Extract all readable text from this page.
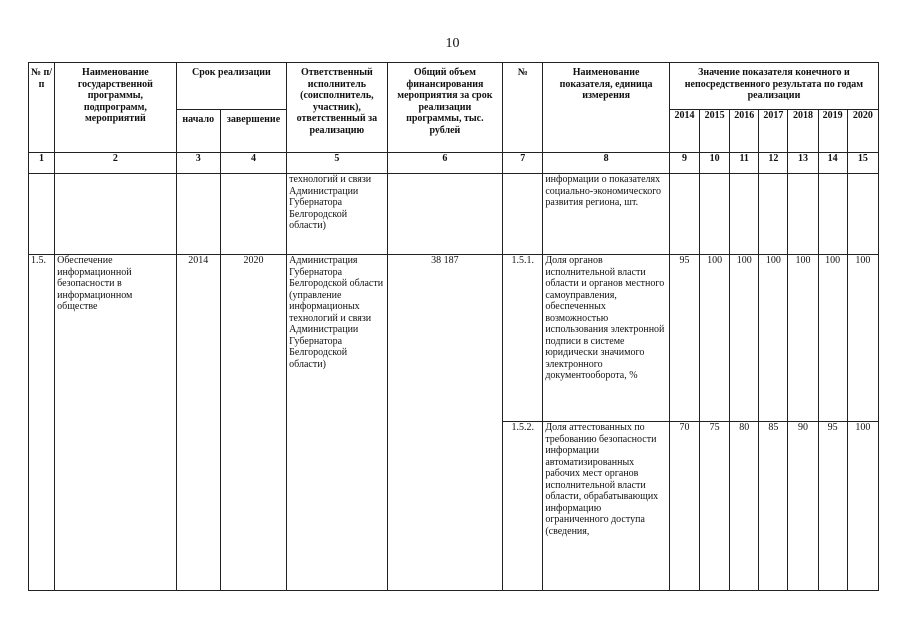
10
№ п/п	Наименование государственной программы, подпрограмм, мероприятий	Срок реализации		Ответственный исполнитель (соисполнитель, участник), ответственный за реализацию	Общий объем финансирования мероприятия за срок реализации программы, тыс. рублей	№	Наименование показателя, единица измерения	Значение показателя конечного и непосредственного результата по годам реализации						
		начало	завершение					2014	2015	2016	2017	2018	2019	2020
1	2	3	4	5	6	7	8	9	10	11	12	13	14	15
				технологий и связи Администрации Губернатора Белгородской области)			информации о показателях социально-экономического развития региона, шт.							
1.5.	Обеспечение информационной безопасности в информационном обществе	2014	2020	Администрация Губернатора Белгородской области (управление информационых технологий и связи Администрации Губернатора Белгородской области)	38 187	1.5.1.	Доля органов исполнительной власти области и органов местного самоуправления, обеспеченных возможностью использования электронной подписи в системе юридически значимого электронного документооборота, %	95	100	100	100	100	100	100
						1.5.2.	Доля аттестованных по требованию безопасности информации автоматизированных рабочих мест органов исполнительной власти области, обрабатывающих информацию ограниченного доступа (сведения,	70	75	80	85	90	95	100
